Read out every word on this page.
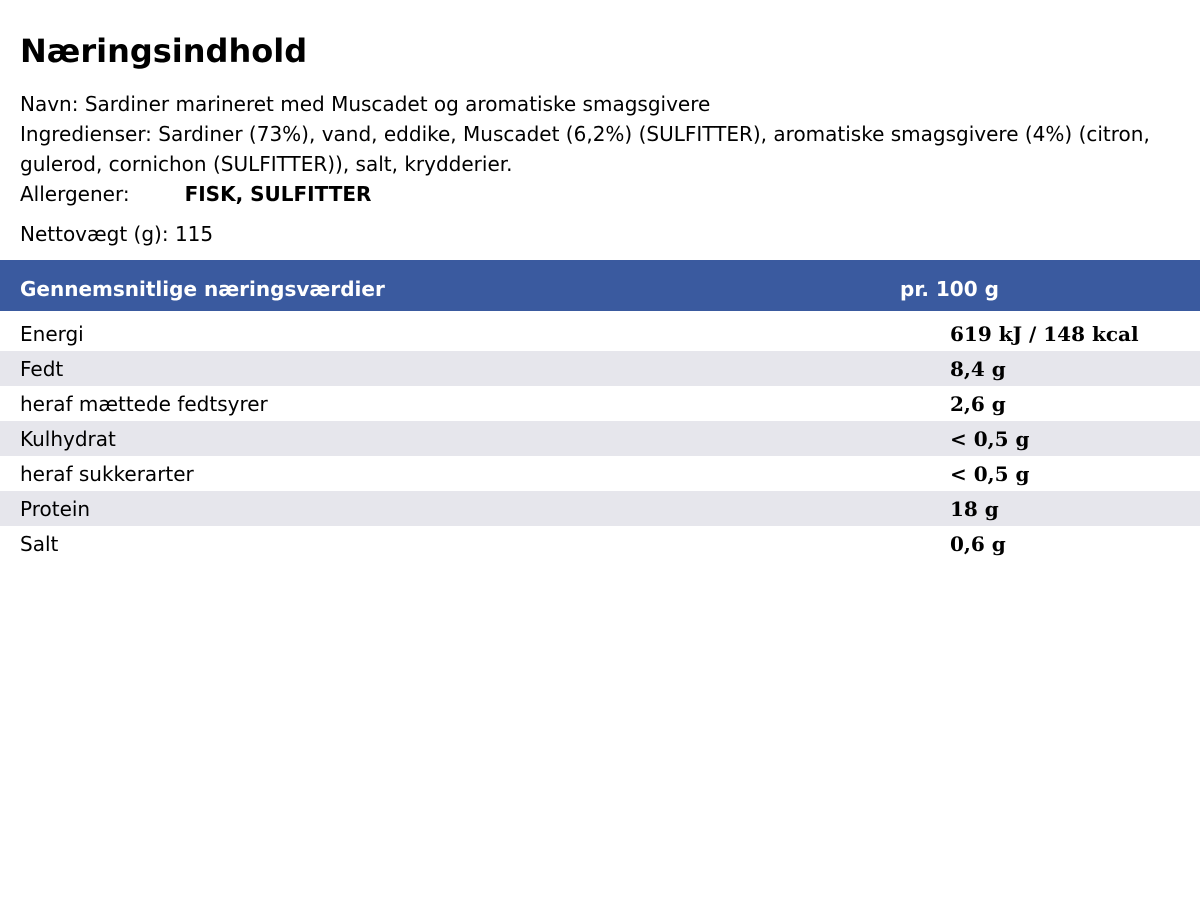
Næringsindhold

Navn: Sardiner marineret med Muscadet og aromatiske smagsgivere

Ingredienser: Sardiner (73%), vand, eddike, Muscadet (6,2%) (SULFITTER), aromatiske smagsgivere (4%) (citron, gulerod, cornichon (SULFITTER)), salt, krydderier.

Allergener:	FISK, SULFITTER

Nettovægt (g): 115
Gennemsnitlige næringsværdier	pr. 100 g
Energi	619 kJ / 148 kcal
Fedt	8,4 g
heraf mættede fedtsyrer	2,6 g
Kulhydrat	< 0,5 g
heraf sukkerarter	< 0,5 g
Protein	18 g
Salt	0,6 g
